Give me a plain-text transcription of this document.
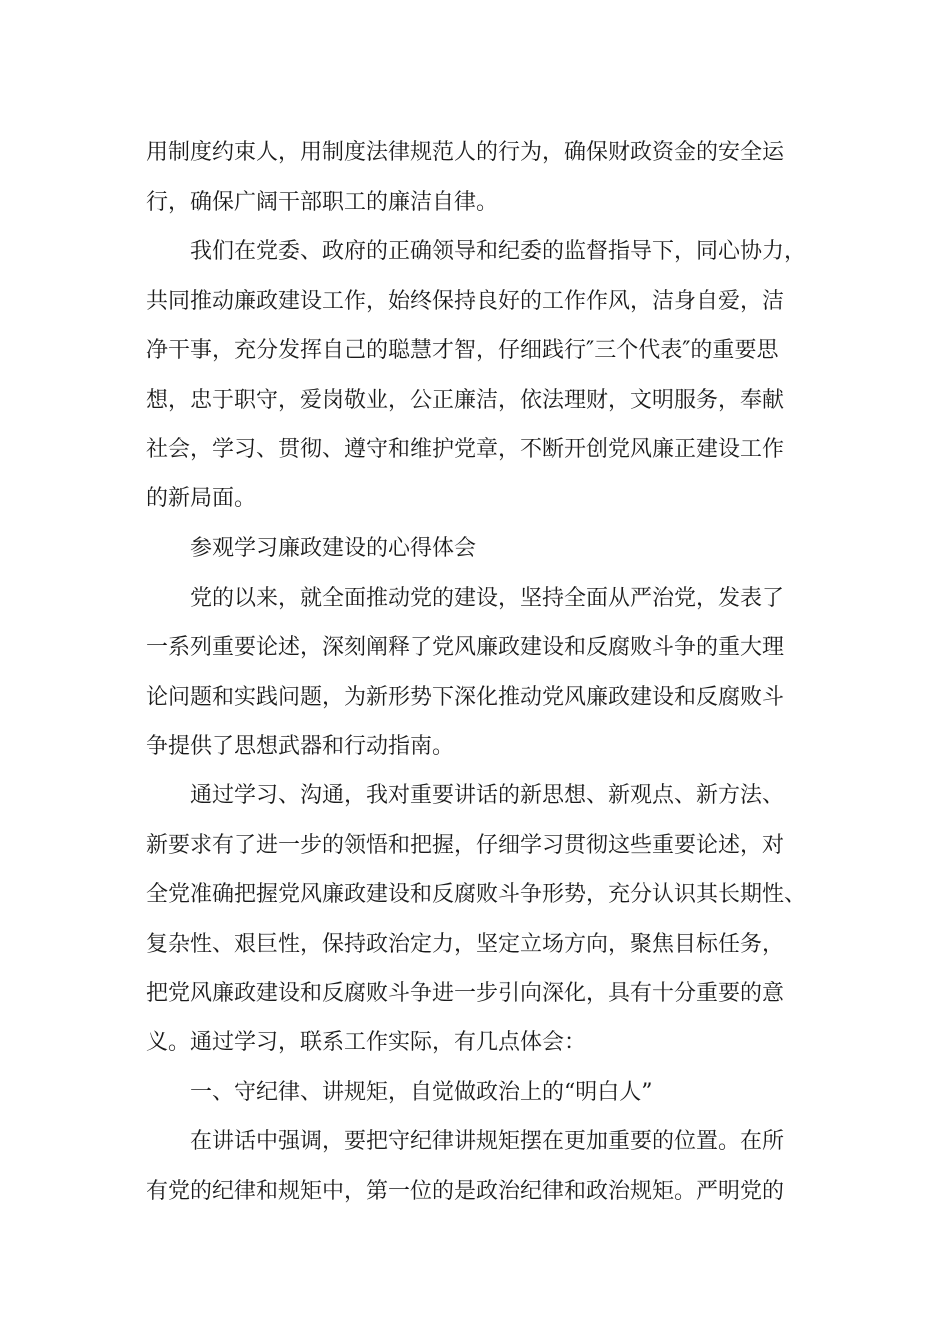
用制度约束人，用制度法律规范人的行为，确保财政资金的安全运
行，确保广阔干部职工的廉洁自律。
我们在党委、政府的正确领导和纪委的监督指导下，同心协力，
共同推动廉政建设工作，始终保持良好的工作作风，洁身自爱，洁
净干事，充分发挥自己的聪慧才智，仔细践行″三个代表″的重要思
想，忠于职守，爱岗敬业，公正廉洁，依法理财，文明服务，奉献
社会，学习、贯彻、遵守和维护党章，不断开创党风廉正建设工作
的新局面。
参观学习廉政建设的心得体会
党的以来，就全面推动党的建设，坚持全面从严治党，发表了
一系列重要论述，深刻阐释了党风廉政建设和反腐败斗争的重大理
论问题和实践问题，为新形势下深化推动党风廉政建设和反腐败斗
争提供了思想武器和行动指南。
通过学习、沟通，我对重要讲话的新思想、新观点、新方法、
新要求有了进一步的领悟和把握，仔细学习贯彻这些重要论述，对
全党准确把握党风廉政建设和反腐败斗争形势，充分认识其长期性、
复杂性、艰巨性，保持政治定力，坚定立场方向，聚焦目标任务，
把党风廉政建设和反腐败斗争进一步引向深化，具有十分重要的意
义。通过学习，联系工作实际，有几点体会：
一、守纪律、讲规矩，自觉做政治上的“明白人”
在讲话中强调，要把守纪律讲规矩摆在更加重要的位置。在所
有党的纪律和规矩中，第一位的是政治纪律和政治规矩。严明党的
